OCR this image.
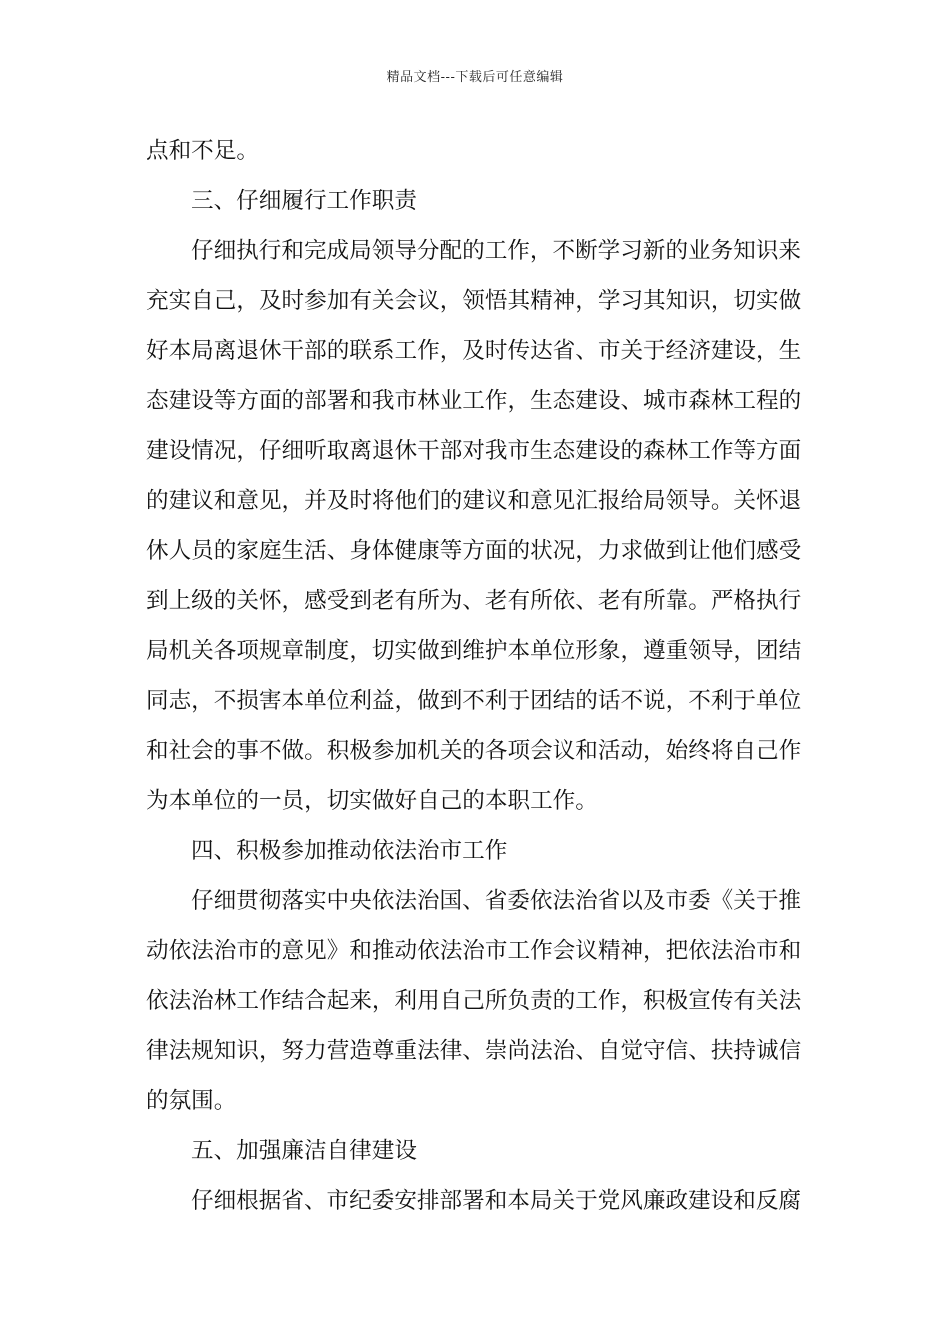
精品文档---下载后可任意编辑
点和不足。
三、仔细履行工作职责
仔细执行和完成局领导分配的工作，不断学习新的业务知识来
充实自己，及时参加有关会议，领悟其精神，学习其知识，切实做
好本局离退休干部的联系工作，及时传达省、市关于经济建设，生
态建设等方面的部署和我市林业工作，生态建设、城市森林工程的
建设情况，仔细听取离退休干部对我市生态建设的森林工作等方面
的建议和意见，并及时将他们的建议和意见汇报给局领导。关怀退
休人员的家庭生活、身体健康等方面的状况，力求做到让他们感受
到上级的关怀，感受到老有所为、老有所依、老有所靠。严格执行
局机关各项规章制度，切实做到维护本单位形象，遵重领导，团结
同志，不损害本单位利益，做到不利于团结的话不说，不利于单位
和社会的事不做。积极参加机关的各项会议和活动，始终将自己作
为本单位的一员，切实做好自己的本职工作。
四、积极参加推动依法治市工作
仔细贯彻落实中央依法治国、省委依法治省以及市委《关于推
动依法治市的意见》和推动依法治市工作会议精神，把依法治市和
依法治林工作结合起来，利用自己所负责的工作，积极宣传有关法
律法规知识，努力营造尊重法律、崇尚法治、自觉守信、扶持诚信
的氛围。
五、加强廉洁自律建设
仔细根据省、市纪委安排部署和本局关于党风廉政建设和反腐
